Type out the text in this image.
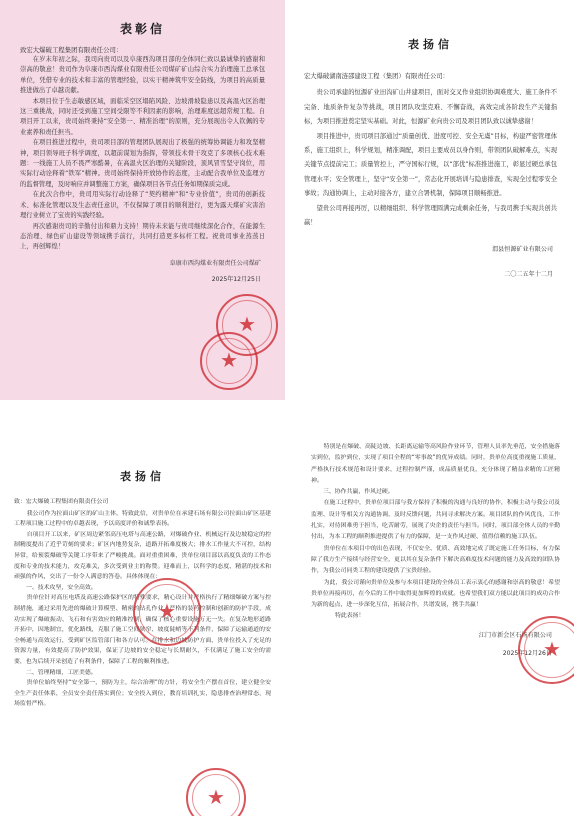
表彰信
致宏大爆破工程集团有限责任公司：
在岁末年初之际，我司向贵司以及阜康西沟项目部的全体同仁致以最诚挚的感谢和崇高的敬意！贵司作为阜康市西沟煤业有限责任公司煤矿矿山综合实力治理施工总承包单位，凭借专业的技术和丰富的管理经验，以实干精神筑牢安全防线，为项目的高质量推进做出了卓越贡献。
本项目位于生态敏感区域，面临采空区塌陷风险、边坡滑坡隐患以及高温火区治理这三重挑战，同时还受到施工空间受限等不利因素的影响，治理难度远超常规工程。自项目开工以来，贵司始终秉持“安全第一、精准治理”的原则，充分展现出令人钦佩的专业素养和责任担当。
在项目推进过程中，贵司项目部的管理团队展现出了极强的统筹协调能力和攻坚精神，项目领导班子科学调度，以超前谋划为指挥，带领技术骨干攻克了多项核心技术难题：一线施工人员不畏严寒酷暑，在高温火区治理的关键阶段，顶风冒雪坚守岗位，用实际行动诠释着“铁军”精神。贵司始终保持开放协作的态度，主动配合我单位及监理方的监督管理，及时响应并调整施工方案，确保项目各节点任务如期保质完成。
在此次合作中，贵司用实际行动诠释了“契约精神”和“专业价值”，贵司的创新技术、标准化管理以及生态责任意识，不仅保障了项目的顺利进行，更为露天煤矿灾害治理行业树立了宝贵的实践经验。
再次感谢贵司的辛勤付出和鼎力支持！期待未来能与贵司继续深化合作，在能源生态治理、绿色矿山建设等领域携手前行，共同打造更多标杆工程。祝贵司事业蒸蒸日上，再创辉煌！
阜康市西沟煤业有限责任公司煤矿
2025年12月25日
表扬信
宏大爆破湖南涟邵建设工程（集团）有限责任公司：
贵公司承建的恒源矿业田沟矿山井建项目，面对交叉作业组织协调难度大、施工条件不完备、地质条件复杂等挑战，项目团队攻坚克难、不懈奋战，高效完成各阶段生产关键指标，为项目推进奠定坚实基础。对此，恒源矿业向贵公司及项目团队致以诚挚感谢！
项目推进中，贵司项目部通过“质量创优、进度可控、安全无虞”目标，构建严密管理体系，施工组织上，科学规划，精准调配，项目主要成员以身作则，带领团队破解难点，实现关键节点提前完工；质量管控上，严守国标行规，以“部优”标准推进施工，彰显过硬总承包管理水平；安全管理上，坚守“安全第一”，常态化开展培训与隐患排查，实现全过程零安全事故；沟通协调上，主动对接各方，建立合署机制，保障项目顺畅推进。
望贵公司再接再厉，以精细组织、科学管理圆满完成剩余任务，与我司携手实现共创共赢！
渭县恒源矿业有限公司
二〇二五年十二月
表扬信
致：宏大爆破工程集团有限责任公司
我公司作为拉面山矿区的矿山主体，特致此信，对贵单位在承建石场有限公司拉面山矿区基建工程项目施工过程中的卓越表现，予以高度评价和诚挚表扬。
自项目开工以来，矿区周边紧邻高压电塔与高速公路，对爆破作业、机械运行及边坡稳定的控制精度提出了近乎苛刻的要求；矿区内地势复杂，道路开拓难度极大；排水工作量大不可控，结构异常，给预裂爆破等关键工序带来了严峻挑战。面对重重困难，贵单位项目部以高度负责的工作态度和专业的技术能力，攻克难关，多次受到业主的称赞。迎难而上，以科学的态度、精湛的技术和顽强的作风，交出了一份令人满意的答卷。具体体现在：
一、技术攻坚，安全高效。
贵单位针对高压电塔及高速公路保护区的特殊要求，精心设计并严格执行了精细爆破方案与控制措施，通过采用先进的爆破计算模型、精密的钻孔作业、严格的装药控制和创新的防护手段，成功实现了爆破振动、飞石和有害效应的精准控制，确保了核心重要设施万无一失。在复杂地形道路开拓中，因地制宜，优化路线，克服了施工空间狭窄、坡度陡峭等不利条件，保障了运输通道的安全畅通与高效运行，受到矿区监管部门和各方认可。在排水和边坡防护方面，贵单位投入了充足的资源力量，有效提高了防护效果，保证了边坡的安全稳定与长期耐久，不仅满足了施工安全的需要，也为后续开采创造了有利条件，保障了工程的顺利推进。
二、管理精细，工匠美德。
贵单位始终坚持“安全第一，预防为主，综合治理”的方针，将安全生产摆在首位，建立健全安全生产责任体系，全员安全责任落实到位；安全投入到位，教育培训扎实，隐患排查治理常态，现场监督严格。
特别是在爆破、高陡边坡、长距离运输等高风险作业环节，管理人员率先垂范，安全措施落实到位，监护到位，实现了项目全程的“零事故”的优异成绩。同时，贵单位高度重视施工质量，严格执行技术规范和设计要求，过程控制严谨，成品质量优良，充分体现了精益求精的工匠精神。
三、协作共赢，作风过硬。
在施工过程中，贵单位项目部与我方保持了积极的沟通与良好的协作，积极主动与我公司及监理、设计等相关方沟通协调，及时反馈问题，共同寻求解决方案。项目团队的作风优良，工作扎实，对待困难勇于担当，吃苦耐劳，展现了央企的责任与担当。同时，项目部全体人员的辛勤付出，为本工程的顺利推进提供了有力的保障，是一支作风过硬、值得信赖的施工队伍。
贵单位在本项目中的出色表现，不仅安全、优质、高效地完成了既定施工任务目标，有力保障了我方生产接续与经营安全，更以其在复杂条件下解决高难度技术问题的能力及高效的团队协作，为我公司同类工程的建设提供了宝贵经验。
为此，我公司谨向贵单位及参与本项目建设的全体员工表示衷心的感谢和崇高的敬意！希望贵单位再接再厉，在今后的工作中取得更加辉煌的成就。也希望我们双方能以此项目的成功合作为新的起点，进一步深化互信，拓展合作，共谱发展，携手共赢！
特此表扬！
江门市新会区石场有限公司
2025年12月26日
★
★
★
★
★
